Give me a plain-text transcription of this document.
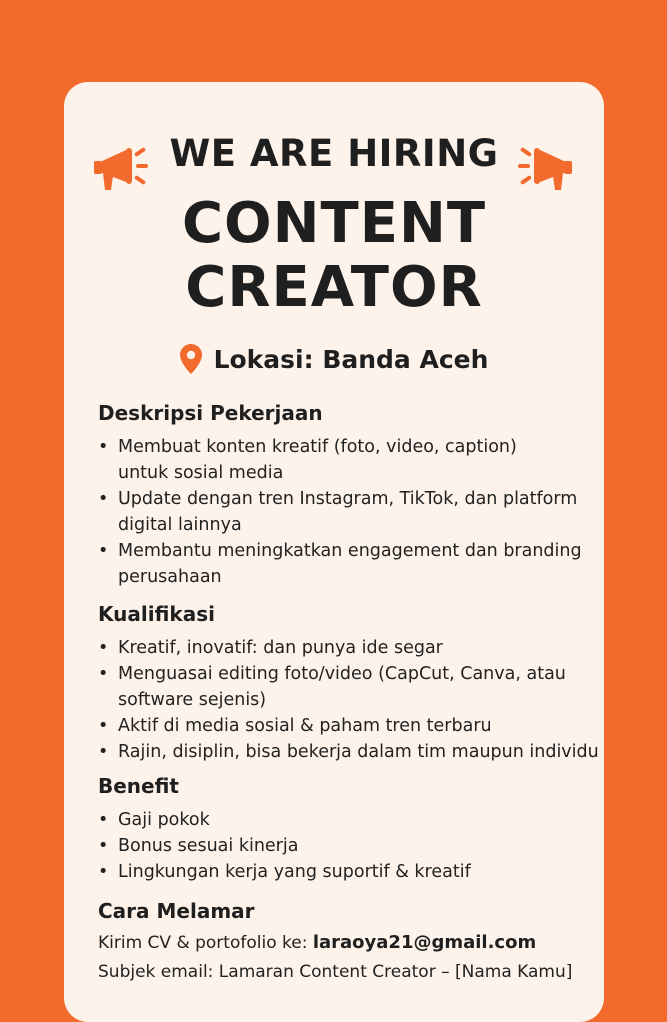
WE ARE HIRING
CONTENT
CREATOR
Lokasi: Banda Aceh
Deskripsi Pekerjaan
• Membuat konten kreatif (foto, video, caption)
untuk sosial media
• Update dengan tren Instagram, TikTok, dan platform
digital lainnya
• Membantu meningkatkan engagement dan branding
perusahaan
Kualifikasi
• Kreatif, inovatif: dan punya ide segar
• Menguasai editing foto/video (CapCut, Canva, atau
software sejenis)
• Aktif di media sosial & paham tren terbaru
• Rajin, disiplin, bisa bekerja dalam tim maupun individu
Benefit
• Gaji pokok
• Bonus sesuai kinerja
• Lingkungan kerja yang suportif & kreatif
Cara Melamar

Kirim CV & portofolio ke: laraoya21@gmail.com

Subjek email: Lamaran Content Creator – [Nama Kamu]
